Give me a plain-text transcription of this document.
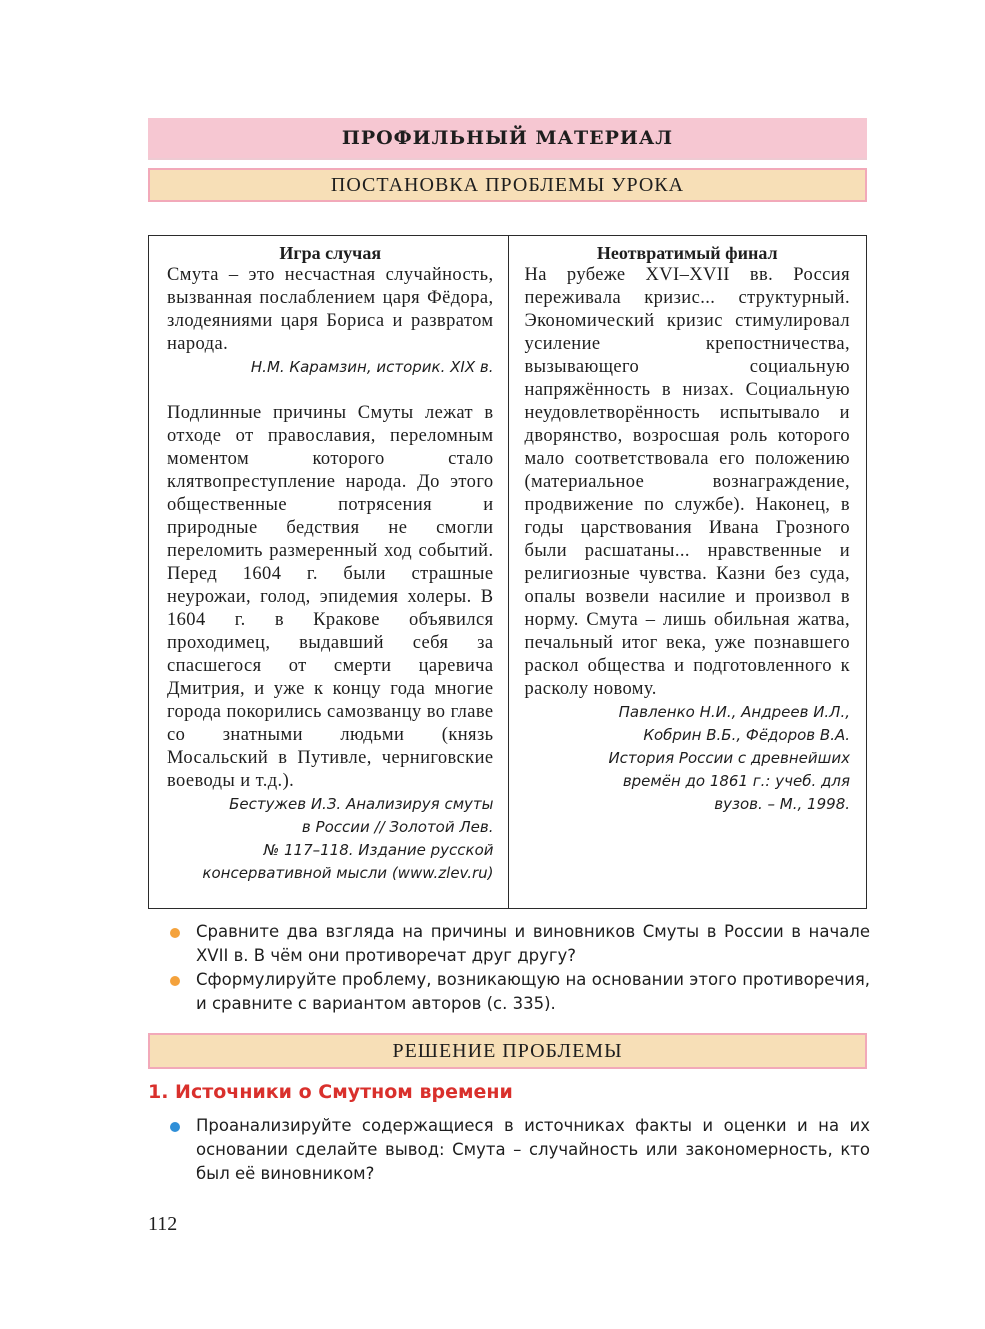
ПРОФИЛЬНЫЙ МАТЕРИАЛ
ПОСТАНОВКА ПРОБЛЕМЫ УРОКА
Игра случая
Смута – это несчастная случайность, вызванная послаблением царя Фёдора, злодеяниями царя Бориса и развратом народа.
Н.М. Карамзин, историк. XIX в.
Подлинные причины Смуты лежат в отходе от православия, переломным моментом которого стало клятвопреступление народа. До этого общественные потрясения и природные бедствия не смогли переломить размеренный ход событий. Перед 1604 г. были страшные неурожаи, голод, эпидемия холеры. В 1604 г. в Кракове объявился проходимец, выдавший себя за спасшегося от смерти царевича Дмитрия, и уже к концу года многие города покорились самозванцу во главе со знатными людьми (князь Мосальский в Путивле, черниговские воеводы и т.д.).
Бестужев И.З. Анализируя смуты
в России // Золотой Лев.
№ 117–118. Издание русской
консервативной мысли (www.zlev.ru)
Неотвратимый финал
На рубеже XVI–XVII вв. Россия переживала кризис... структурный. Экономический кризис стимулировал усиление крепостничества, вызывающего социальную напряжённость в низах. Социальную неудовлетворённость испытывало и дворянство, возросшая роль которого мало соответствовала его положению (материальное вознаграждение, продвижение по службе). Наконец, в годы царствования Ивана Грозного были расшатаны... нравственные и религиозные чувства. Казни без суда, опалы возвели насилие и произвол в норму. Смута – лишь обильная жатва, печальный итог века, уже познавшего раскол общества и подготовленного к расколу новому.
Павленко Н.И., Андреев И.Л.,
Кобрин В.Б., Фёдоров В.А.
История России с древнейших
времён до 1861 г.: учеб. для
вузов. – М., 1998.
Сравните два взгляда на причины и виновников Смуты в России в начале XVII в. В чём они противоречат друг другу?
Сформулируйте проблему, возникающую на основании этого противоречия, и сравните с вариантом авторов (с. 335).
РЕШЕНИЕ ПРОБЛЕМЫ
1. Источники о Смутном времени
Проанализируйте содержащиеся в источниках факты и оценки и на их основании сделайте вывод: Смута – случайность или закономерность, кто был её виновником?
112
